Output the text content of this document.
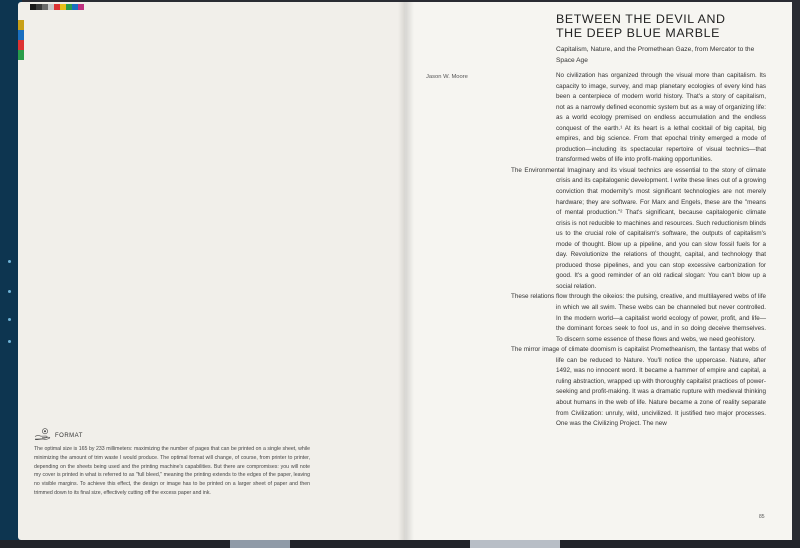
FORMAT

The optimal size is 165 by 233 millimeters: maximizing the number of pages that can be printed on a single sheet, while minimizing the amount of trim waste I would produce. The optimal format will change, of course, from printer to printer, depending on the sheets being used and the printing machine's capabilities. But there are compromises: you will note my cover is printed in what is referred to as "full bleed," meaning the printing extends to the edges of the paper, leaving no visible margins. To achieve this effect, the design or image has to be printed on a larger sheet of paper and then trimmed down to its final size, effectively cutting off the excess paper and ink.

BETWEEN THE DEVIL AND THE DEEP BLUE MARBLE
Capitalism, Nature, and the Promethean Gaze, from Mercator to the Space Age
Jason W. Moore	No civilization has organized through the visual more than capitalism. Its capacity to image, survey, and map planetary ecologies of every kind has been a centerpiece of modern world history. That's a story of capitalism, not as a narrowly defined economic system but as a way of organizing life: as a world ecology premised on endless accumulation and the endless conquest of the earth.¹ At its heart is a lethal cocktail of big capital, big empires, and big science. From that epochal trinity emerged a mode of production—including its spectacular repertoire of visual technics—that transformed webs of life into profit-making opportunities.

The Environmental Imaginary and its visual technics are essential to the story of climate crisis and its capitalogenic development. I write these lines out of a growing conviction that modernity's most significant technologies are not merely hardware; they are software. For Marx and Engels, these are the "means of mental production."² That's significant, because capitalogenic climate crisis is not reducible to machines and resources. Such reductionism blinds us to the crucial role of capitalism's software, the outputs of capitalism's mode of thought. Blow up a pipeline, and you can slow fossil fuels for a day. Revolutionize the relations of thought, capital, and technology that produced those pipelines, and you can stop excessive carbonization for good. It's a good reminder of an old radical slogan: You can't blow up a social relation.

These relations flow through the oikeios: the pulsing, creative, and multilayered webs of life in which we all swim. These webs can be channeled but never controlled. In the modern world—a capitalist world ecology of power, profit, and life—the dominant forces seek to fool us, and in so doing deceive themselves. To discern some essence of these flows and webs, we need geohistory.

The mirror image of climate doomism is capitalist Prometheanism, the fantasy that webs of life can be reduced to Nature. You'll notice the uppercase. Nature, after 1492, was no innocent word. It became a hammer of empire and capital, a ruling abstraction, wrapped up with thoroughly capitalist practices of power-seeking and profit-making. It was a dramatic rupture with medieval thinking about humans in the web of life. Nature became a zone of reality separate from Civilization: unruly, wild, uncivilized. It justified two major processes. One was the Civilizing Project. The new

85
